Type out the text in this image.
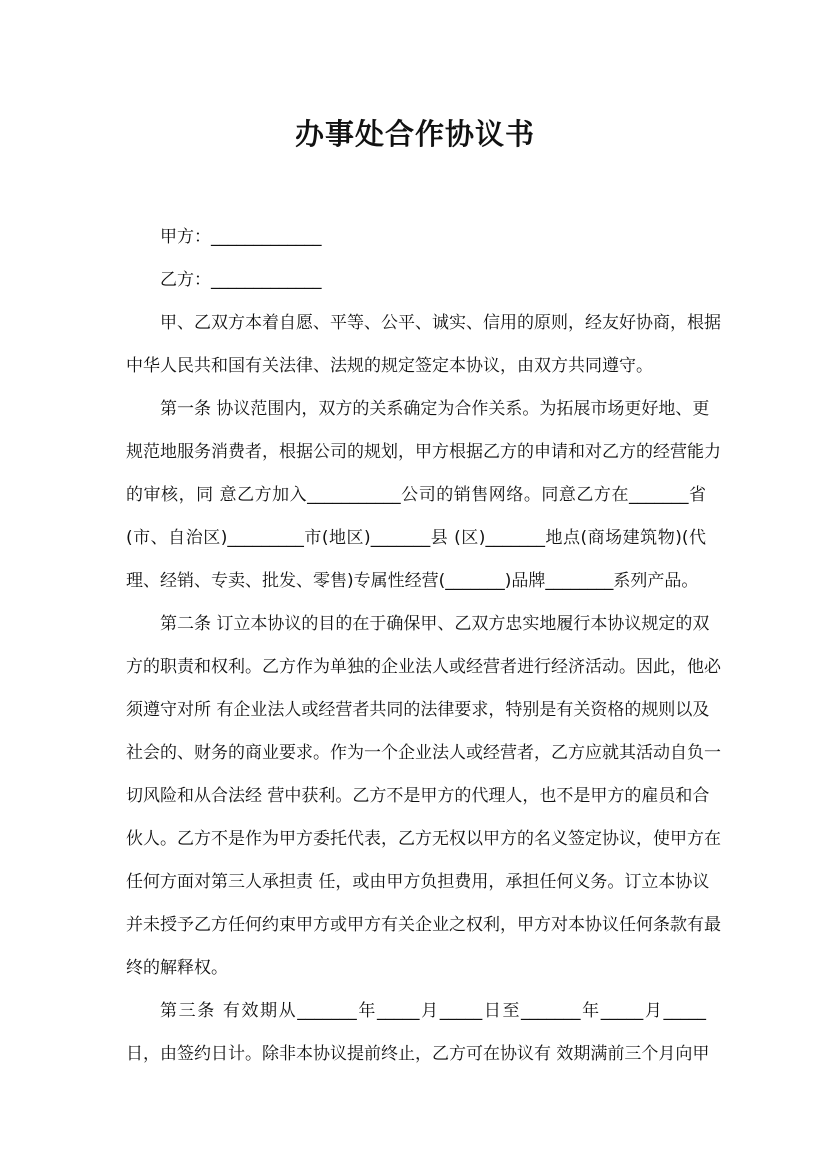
办事处合作协议书
甲方：_____________
乙方：_____________
甲、乙双方本着自愿、平等、公平、诚实、信用的原则，经友好协商，根据
中华人民共和国有关法律、法规的规定签定本协议，由双方共同遵守。
第一条 协议范围内，双方的关系确定为合作关系。为拓展市场更好地、更
规范地服务消费者，根据公司的规划，甲方根据乙方的申请和对乙方的经营能力
的审核，同 意乙方加入___________公司的销售网络。同意乙方在_______省
(市、自治区)_________市(地区)_______县 (区)_______地点(商场建筑物)(代
理、经销、专卖、批发、零售)专属性经营(_______)品牌________系列产品。
第二条 订立本协议的目的在于确保甲、乙双方忠实地履行本协议规定的双
方的职责和权利。乙方作为单独的企业法人或经营者进行经济活动。因此，他必
须遵守对所 有企业法人或经营者共同的法律要求，特别是有关资格的规则以及
社会的、财务的商业要求。作为一个企业法人或经营者，乙方应就其活动自负一
切风险和从合法经 营中获利。乙方不是甲方的代理人，也不是甲方的雇员和合
伙人。乙方不是作为甲方委托代表，乙方无权以甲方的名义签定协议，使甲方在
任何方面对第三人承担责 任，或由甲方负担费用，承担任何义务。订立本协议
并未授予乙方任何约束甲方或甲方有关企业之权利，甲方对本协议任何条款有最
终的解释权。
第三条 有效期从_______年_____月_____日至_______年_____月_____
日，由签约日计。除非本协议提前终止，乙方可在协议有 效期满前三个月向甲
